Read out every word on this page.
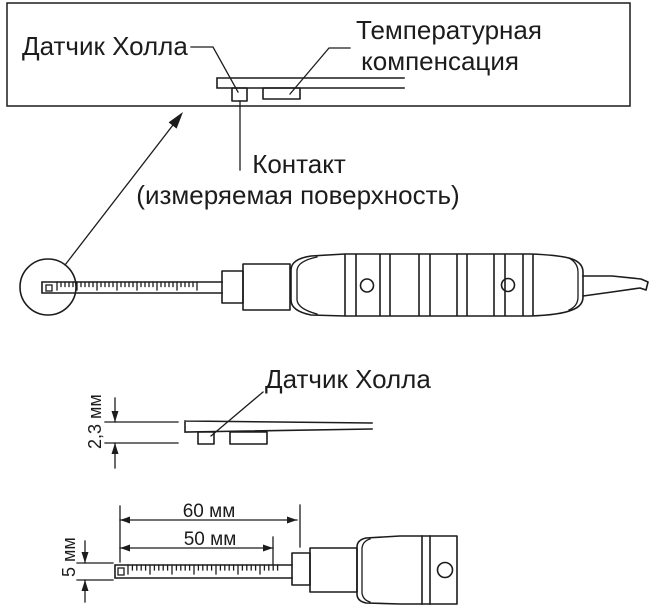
Датчик Холла
Температурная
компенсация
Контакт
(измеряемая поверхность)
Датчик Холла
2,3 мм
60 мм
50 мм
5 мм
